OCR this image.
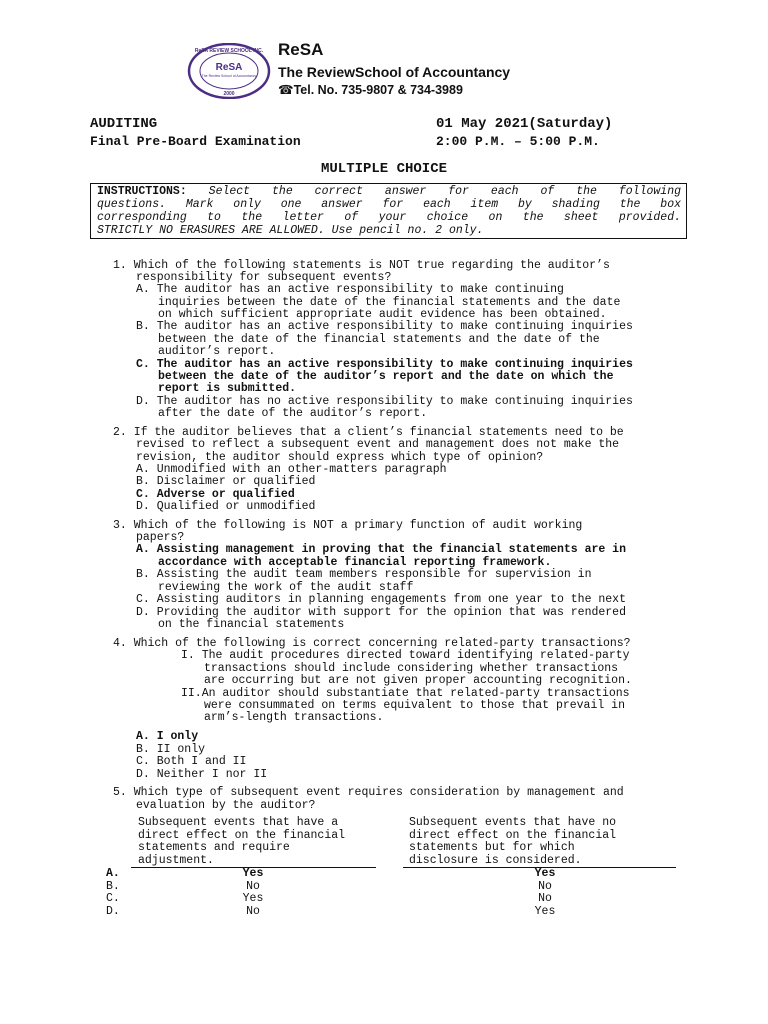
ReSA REVIEW SCHOOL INC.
ReSA
The Review School of Accountancy
2000
ReSA
The ReviewSchool of Accountancy
☎Tel. No. 735-9807 & 734-3989
AUDITING
Final Pre-Board Examination
01 May 2021(Saturday)
2:00 P.M. – 5:00 P.M.
MULTIPLE CHOICE
INSTRUCTIONS: Select the correct answer for each of the following
questions. Mark only one answer for each item by shading the box
corresponding to the letter of your choice on the sheet provided.
STRICTLY NO ERASURES ARE ALLOWED. Use pencil no. 2 only.
1. Which of the following statements is NOT true regarding the auditor’s
responsibility for subsequent events?
A. The auditor has an active responsibility to make continuing
inquiries between the date of the financial statements and the date
on which sufficient appropriate audit evidence has been obtained.
B. The auditor has an active responsibility to make continuing inquiries
between the date of the financial statements and the date of the
auditor’s report.
C. The auditor has an active responsibility to make continuing inquiries
between the date of the auditor’s report and the date on which the
report is submitted.
D. The auditor has no active responsibility to make continuing inquiries
after the date of the auditor’s report.
2. If the auditor believes that a client’s financial statements need to be
revised to reflect a subsequent event and management does not make the
revision, the auditor should express which type of opinion?
A. Unmodified with an other-matters paragraph
B. Disclaimer or qualified
C. Adverse or qualified
D. Qualified or unmodified
3. Which of the following is NOT a primary function of audit working
papers?
A. Assisting management in proving that the financial statements are in
accordance with acceptable financial reporting framework.
B. Assisting the audit team members responsible for supervision in
reviewing the work of the audit staff
C. Assisting auditors in planning engagements from one year to the next
D. Providing the auditor with support for the opinion that was rendered
on the financial statements
4. Which of the following is correct concerning related-party transactions?
I. The audit procedures directed toward identifying related-party
transactions should include considering whether transactions
are occurring but are not given proper accounting recognition.
II.An auditor should substantiate that related-party transactions
were consummated on terms equivalent to those that prevail in
arm’s-length transactions.
A. I only
B. II only
C. Both I and II
D. Neither I nor II
5. Which type of subsequent event requires consideration by management and
evaluation by the auditor?
Subsequent events that have a
direct effect on the financial
statements and require
adjustment.
Subsequent events that have no
direct effect on the financial
statements but for which
disclosure is considered.
A.	Yes	Yes
B.	No	No
C.	Yes	No
D.	No	Yes
